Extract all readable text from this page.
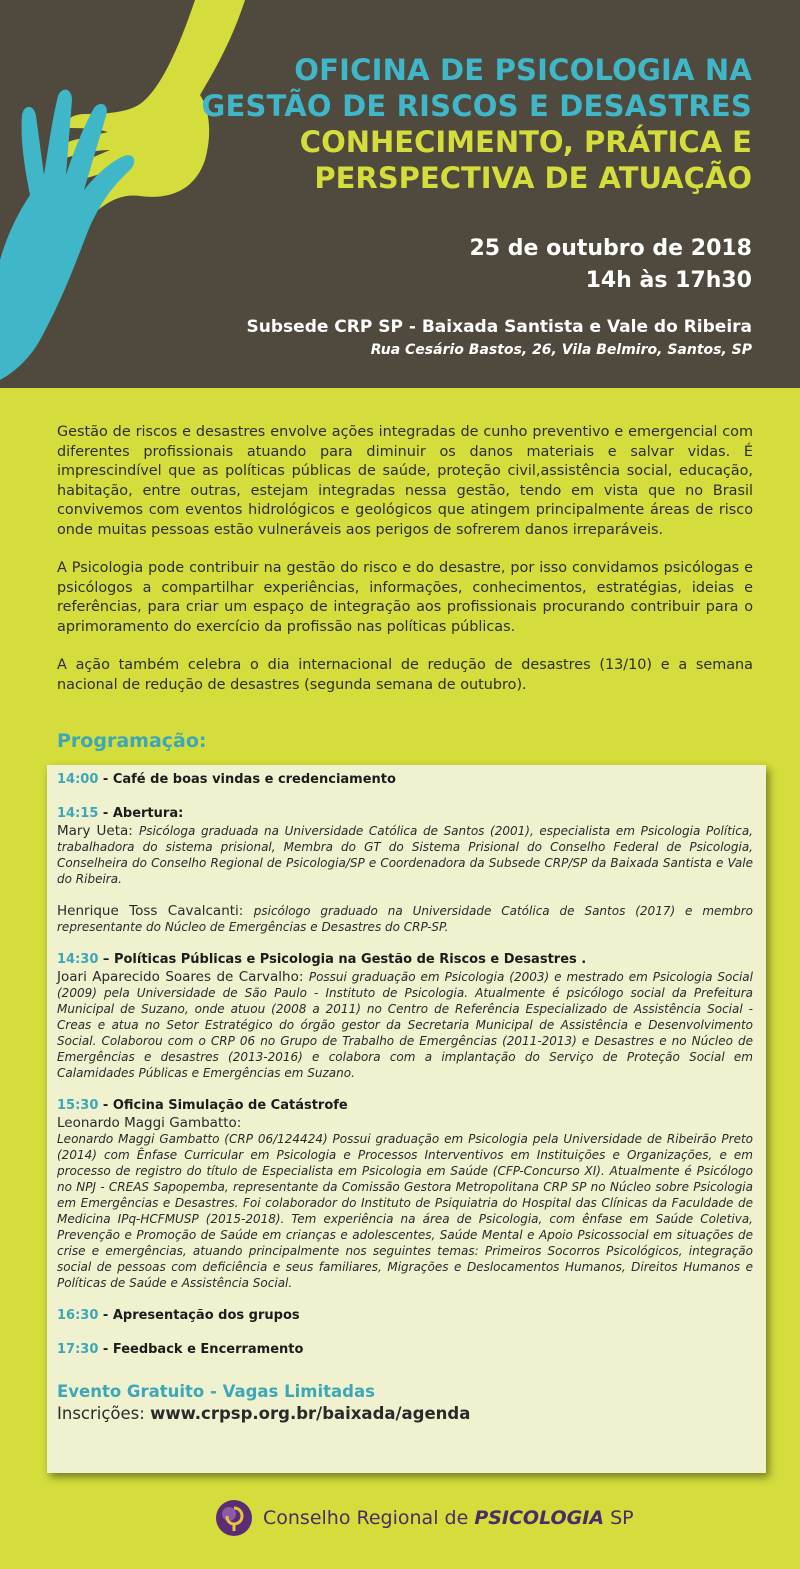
OFICINA DE PSICOLOGIA NA
GESTÃO DE RISCOS E DESASTRES
CONHECIMENTO, PRÁTICA E
PERSPECTIVA DE ATUAÇÃO
25 de outubro de 2018
14h às 17h30
Subsede CRP SP - Baixada Santista e Vale do Ribeira
Rua Cesário Bastos, 26, Vila Belmiro, Santos, SP

Gestão de riscos e desastres envolve ações integradas de cunho preventivo e emergencial com diferentes profissionais atuando para diminuir os danos materiais e salvar vidas. É imprescindível que as políticas públicas de saúde, proteção civil,assistência social, educação, habitação, entre outras, estejam integradas nessa gestão, tendo em vista que no Brasil convivemos com eventos hidrológicos e geológicos que atingem principalmente áreas de risco onde muitas pessoas estão vulneráveis aos perigos de sofrerem danos irreparáveis.

A Psicologia pode contribuir na gestão do risco e do desastre, por isso convidamos psicólogas e psicólogos a compartilhar experiências, informações, conhecimentos, estratégias, ideias e referências, para criar um espaço de integração aos profissionais procurando contribuir para o aprimoramento do exercício da profissão nas políticas públicas.

A ação também celebra o dia internacional de redução de desastres (13/10) e a semana nacional de redução de desastres (segunda semana de outubro).

Programação:
14:00 - Café de boas vindas e credenciamento
14:15 - Abertura:
Mary Ueta: Psicóloga graduada na Universidade Católica de Santos (2001), especialista em Psicologia Política, trabalhadora do sistema prisional, Membra do GT do Sistema Prisional do Conselho Federal de Psicologia, Conselheira do Conselho Regional de Psicologia/SP e Coordenadora da Subsede CRP/SP da Baixada Santista e Vale do Ribeira.
Henrique Toss Cavalcanti: psicólogo graduado na Universidade Católica de Santos (2017) e membro representante do Núcleo de Emergências e Desastres do CRP-SP.
14:30 – Políticas Públicas e Psicologia na Gestão de Riscos e Desastres .
Joari Aparecido Soares de Carvalho: Possui graduação em Psicologia (2003) e mestrado em Psicologia Social (2009) pela Universidade de São Paulo - Instituto de Psicologia. Atualmente é psicólogo social da Prefeitura Municipal de Suzano, onde atuou (2008 a 2011) no Centro de Referência Especializado de Assistência Social - Creas e atua no Setor Estratégico do órgão gestor da Secretaria Municipal de Assistência e Desenvolvimento Social. Colaborou com o CRP 06 no Grupo de Trabalho de Emergências (2011-2013) e Desastres e no Núcleo de Emergências e desastres (2013-2016) e colabora com a implantação do Serviço de Proteção Social em Calamidades Públicas e Emergências em Suzano.
15:30 - Oficina Simulação de Catástrofe
Leonardo Maggi Gambatto:
Leonardo Maggi Gambatto (CRP 06/124424) Possui graduação em Psicologia pela Universidade de Ribeirão Preto (2014) com Ênfase Curricular em Psicologia e Processos Interventivos em Instituições e Organizações, e em processo de registro do título de Especialista em Psicologia em Saúde (CFP-Concurso XI). Atualmente é Psicólogo no NPJ - CREAS Sapopemba, representante da Comissão Gestora Metropolitana CRP SP no Núcleo sobre Psicologia em Emergências e Desastres. Foi colaborador do Instituto de Psiquiatria do Hospital das Clínicas da Faculdade de Medicina IPq-HCFMUSP (2015-2018). Tem experiência na área de Psicologia, com ênfase em Saúde Coletiva, Prevenção e Promoção de Saúde em crianças e adolescentes, Saúde Mental e Apoio Psicossocial em situações de crise e emergências, atuando principalmente nos seguintes temas: Primeiros Socorros Psicológicos, integração social de pessoas com deficiência e seus familiares, Migrações e Deslocamentos Humanos, Direitos Humanos e Políticas de Saúde e Assistência Social.
16:30 - Apresentação dos grupos
17:30 - Feedback e Encerramento
Evento Gratuito - Vagas Limitadas
Inscrições: www.crpsp.org.br/baixada/agenda
Conselho Regional de PSICOLOGIA SP
